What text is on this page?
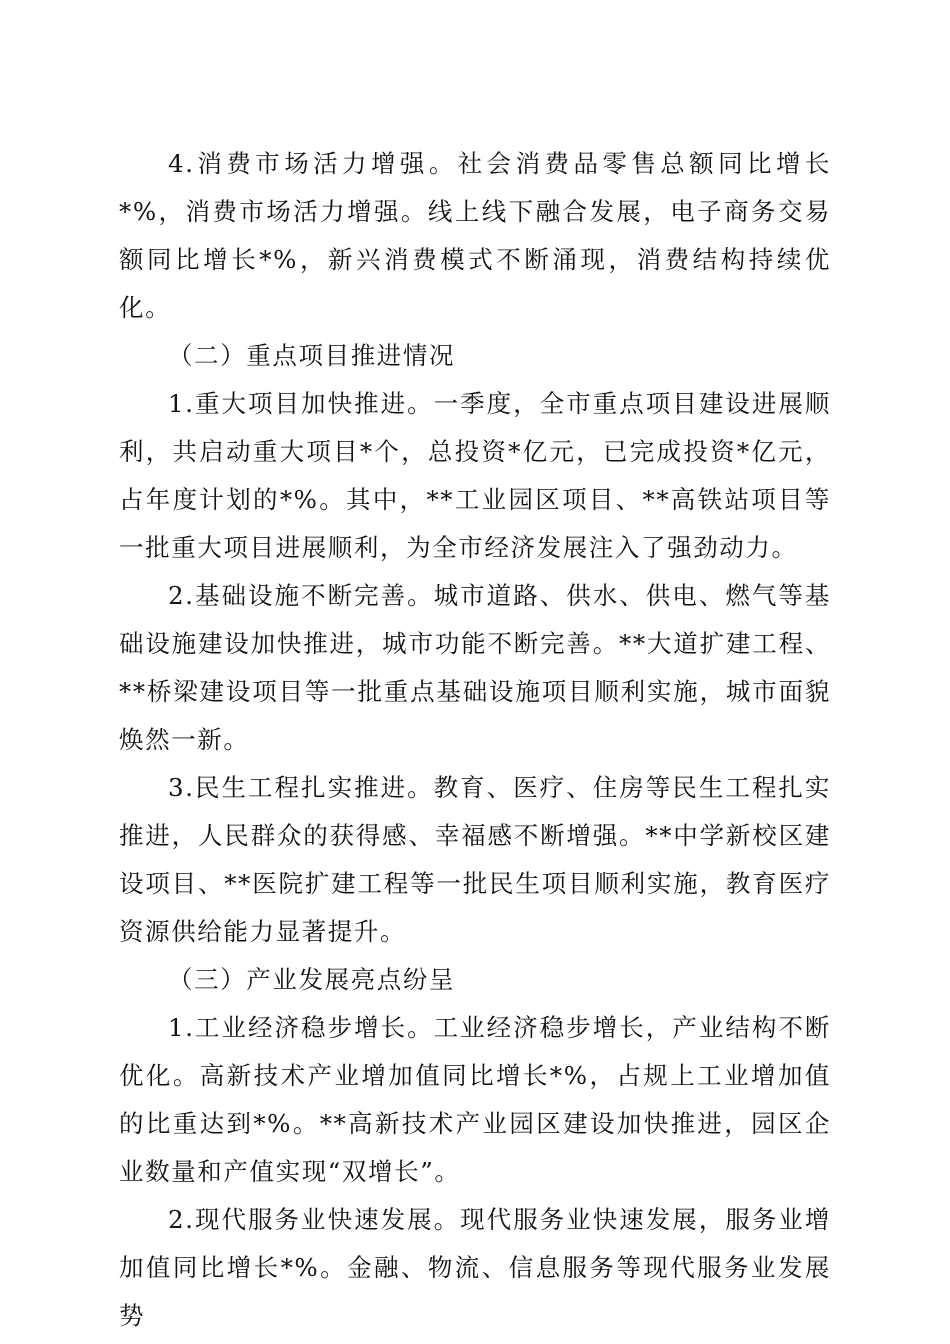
4.消费市场活力增强。社会消费品零售总额同比增长*%，消费市场活力增强。线上线下融合发展，电子商务交易额同比增长*%，新兴消费模式不断涌现，消费结构持续优化。

（二）重点项目推进情况

1.重大项目加快推进。一季度，全市重点项目建设进展顺利，共启动重大项目*个，总投资*亿元，已完成投资*亿元，占年度计划的*%。其中，**工业园区项目、**高铁站项目等一批重大项目进展顺利，为全市经济发展注入了强劲动力。

2.基础设施不断完善。城市道路、供水、供电、燃气等基础设施建设加快推进，城市功能不断完善。**大道扩建工程、**桥梁建设项目等一批重点基础设施项目顺利实施，城市面貌焕然一新。

3.民生工程扎实推进。教育、医疗、住房等民生工程扎实推进，人民群众的获得感、幸福感不断增强。**中学新校区建设项目、**医院扩建工程等一批民生项目顺利实施，教育医疗资源供给能力显著提升。

（三）产业发展亮点纷呈

1.工业经济稳步增长。工业经济稳步增长，产业结构不断优化。高新技术产业增加值同比增长*%，占规上工业增加值的比重达到*%。**高新技术产业园区建设加快推进，园区企业数量和产值实现“双增长”。

2.现代服务业快速发展。现代服务业快速发展，服务业增加值同比增长*%。金融、物流、信息服务等现代服务业发展势
